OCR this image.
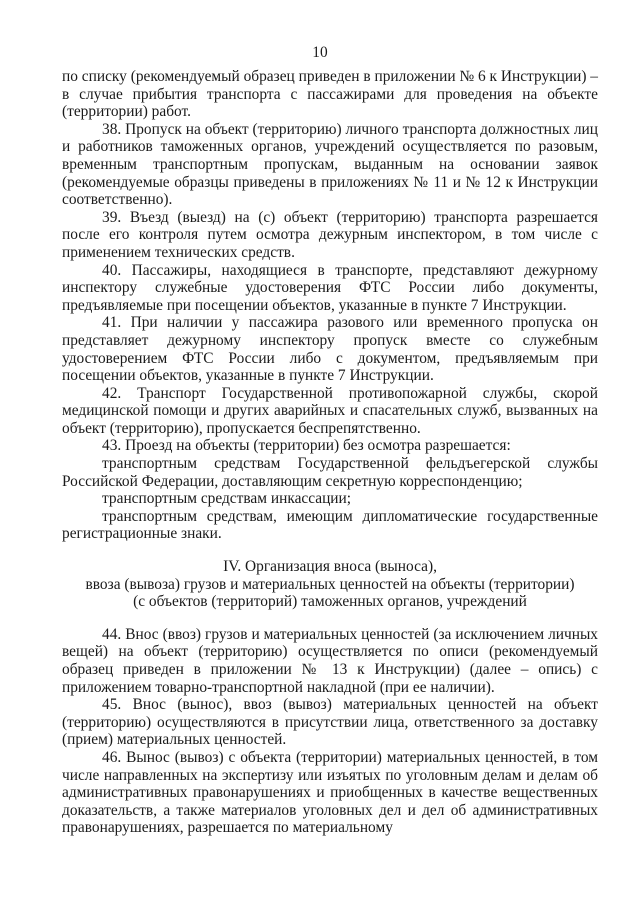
10

по списку (рекомендуемый образец приведен в приложении № 6 к Инструкции) – в случае прибытия транспорта с пассажирами для проведения на объекте (территории) работ.

38. Пропуск на объект (территорию) личного транспорта должностных лиц и работников таможенных органов, учреждений осуществляется по разовым, временным транспортным пропускам, выданным на основании заявок (рекомендуемые образцы приведены в приложениях № 11 и № 12 к Инструкции соответственно).

39. Въезд (выезд) на (с) объект (территорию) транспорта разрешается после его контроля путем осмотра дежурным инспектором, в том числе с применением технических средств.

40. Пассажиры, находящиеся в транспорте, представляют дежурному инспектору служебные удостоверения ФТС России либо документы, предъявляемые при посещении объектов, указанные в пункте 7 Инструкции.

41. При наличии у пассажира разового или временного пропуска он представляет дежурному инспектору пропуск вместе со служебным удостоверением ФТС России либо с документом, предъявляемым при посещении объектов, указанные в пункте 7 Инструкции.

42. Транспорт Государственной противопожарной службы, скорой медицинской помощи и других аварийных и спасательных служб, вызванных на объект (территорию), пропускается беспрепятственно.

43. Проезд на объекты (территории) без осмотра разрешается:

транспортным средствам Государственной фельдъегерской службы Российской Федерации, доставляющим секретную корреспонденцию;

транспортным средствам инкассации;

транспортным средствам, имеющим дипломатические государственные регистрационные знаки.

IV. Организация вноса (выноса),
ввоза (вывоза) грузов и материальных ценностей на объекты (территории)
(с объектов (территорий) таможенных органов, учреждений

44. Внос (ввоз) грузов и материальных ценностей (за исключением личных вещей) на объект (территорию) осуществляется по описи (рекомендуемый образец приведен в приложении № 13 к Инструкции) (далее – опись) с приложением товарно-транспортной накладной (при ее наличии).

45. Внос (вынос), ввоз (вывоз) материальных ценностей на объект (территорию) осуществляются в присутствии лица, ответственного за доставку (прием) материальных ценностей.

46. Вынос (вывоз) с объекта (территории) материальных ценностей, в том числе направленных на экспертизу или изъятых по уголовным делам и делам об административных правонарушениях и приобщенных в качестве вещественных доказательств, а также материалов уголовных дел и дел об административных правонарушениях, разрешается по материальному
